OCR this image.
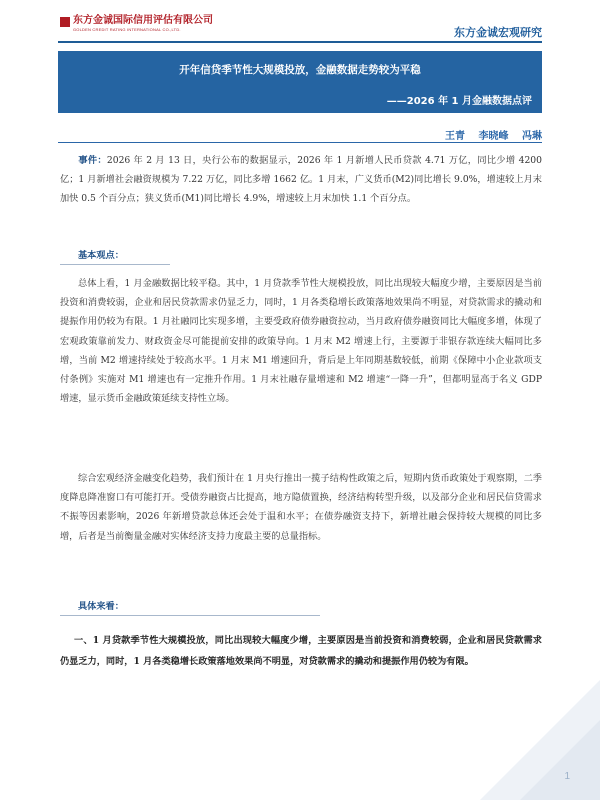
东方金诚国际信用评估有限公司
GOLDEN CREDIT RATING INTERNATIONAL CO.,LTD.	东方金诚宏观研究
开年信贷季节性大规模投放，金融数据走势较为平稳
——2026 年 1 月金融数据点评
王青 李晓峰 冯琳
事件：2026 年 2 月 13 日，央行公布的数据显示，2026 年 1 月新增人民币贷款 4.71 万亿，同比少增 4200 亿；1 月新增社会融资规模为 7.22 万亿，同比多增 1662 亿。1 月末，广义货币(M2)同比增长 9.0%，增速较上月末加快 0.5 个百分点；狭义货币(M1)同比增长 4.9%，增速较上月末加快 1.1 个百分点。
基本观点：
总体上看，1 月金融数据比较平稳。其中，1 月贷款季节性大规模投放，同比出现较大幅度少增，主要原因是当前投资和消费较弱，企业和居民贷款需求仍显乏力，同时，1 月各类稳增长政策落地效果尚不明显，对贷款需求的撬动和提振作用仍较为有限。1 月社融同比实现多增，主要受政府债券融资拉动，当月政府债券融资同比大幅度多增，体现了宏观政策靠前发力、财政资金尽可能提前安排的政策导向。1 月末 M2 增速上行，主要源于非银存款连续大幅同比多增，当前 M2 增速持续处于较高水平。1 月末 M1 增速回升，背后是上年同期基数较低，前期《保障中小企业款项支付条例》实施对 M1 增速也有一定推升作用。1 月末社融存量增速和 M2 增速“一降一升”，但都明显高于名义 GDP 增速，显示货币金融政策延续支持性立场。
综合宏观经济金融变化趋势，我们预计在 1 月央行推出一揽子结构性政策之后，短期内货币政策处于观察期，二季度降息降准窗口有可能打开。受债券融资占比提高，地方隐债置换，经济结构转型升级，以及部分企业和居民信贷需求不振等因素影响，2026 年新增贷款总体还会处于温和水平；在债券融资支持下，新增社融会保持较大规模的同比多增，后者是当前衡量金融对实体经济支持力度最主要的总量指标。
具体来看：
一、1 月贷款季节性大规模投放，同比出现较大幅度少增，主要原因是当前投资和消费较弱，企业和居民贷款需求仍显乏力，同时，1 月各类稳增长政策落地效果尚不明显，对贷款需求的撬动和提振作用仍较为有限。
1
